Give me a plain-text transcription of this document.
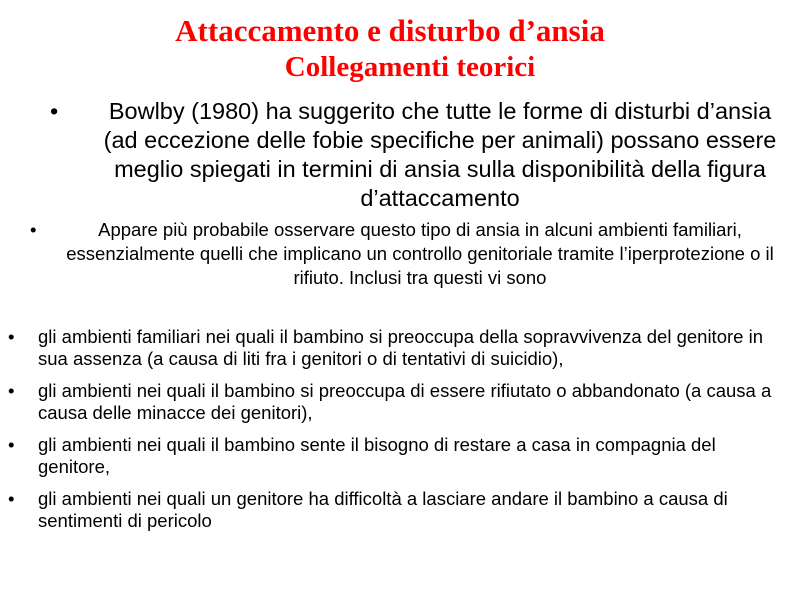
Attaccamento e disturbo d’ansia
Collegamenti teorici
•	Bowlby (1980) ha suggerito che tutte le forme di disturbi d’ansia (ad eccezione delle fobie specifiche per animali) possano essere meglio spiegati in termini di ansia sulla disponibilità della figura d’attaccamento
•	Appare più probabile osservare questo tipo di ansia in alcuni ambienti familiari, essenzialmente quelli che implicano un controllo genitoriale tramite l’iperprotezione o il rifiuto. Inclusi tra questi vi sono
• gli ambienti familiari nei quali il bambino si preoccupa della sopravvivenza del genitore in sua assenza (a causa di liti fra i genitori o di tentativi di suicidio),
• gli ambienti nei quali il bambino si preoccupa di essere rifiutato o abbandonato (a causa a causa delle minacce dei genitori),
• gli ambienti nei quali il bambino sente il bisogno di restare a casa in compagnia del genitore,
• gli ambienti nei quali un genitore ha difficoltà a lasciare andare il bambino a causa di sentimenti di pericolo
